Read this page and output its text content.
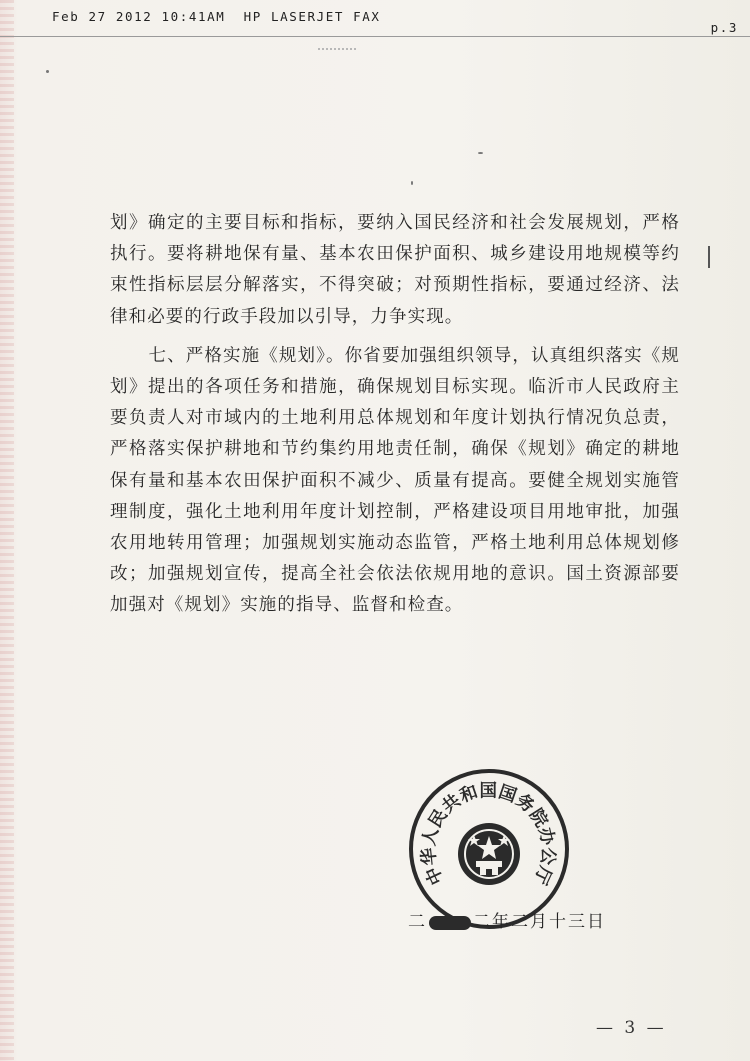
Feb 27 2012 10:41AM  HP LASERJET FAX
p.3

划》确定的主要目标和指标，要纳入国民经济和社会发展规划，严格执行。要将耕地保有量、基本农田保护面积、城乡建设用地规模等约束性指标层层分解落实，不得突破；对预期性指标，要通过经济、法律和必要的行政手段加以引导，力争实现。

七、严格实施《规划》。你省要加强组织领导，认真组织落实《规划》提出的各项任务和措施，确保规划目标实现。临沂市人民政府主要负责人对市域内的土地利用总体规划和年度计划执行情况负总责，严格落实保护耕地和节约集约用地责任制，确保《规划》确定的耕地保有量和基本农田保护面积不减少、质量有提高。要健全规划实施管理制度，强化土地利用年度计划控制，严格建设项目用地审批，加强农用地转用管理；加强规划实施动态监管，严格土地利用总体规划修改；加强规划宣传，提高全社会依法依规用地的意识。国土资源部要加强对《规划》实施的指导、监督和检查。

中华人民共和国国务院办公厅
二	二年二月十三日
— 3 —
